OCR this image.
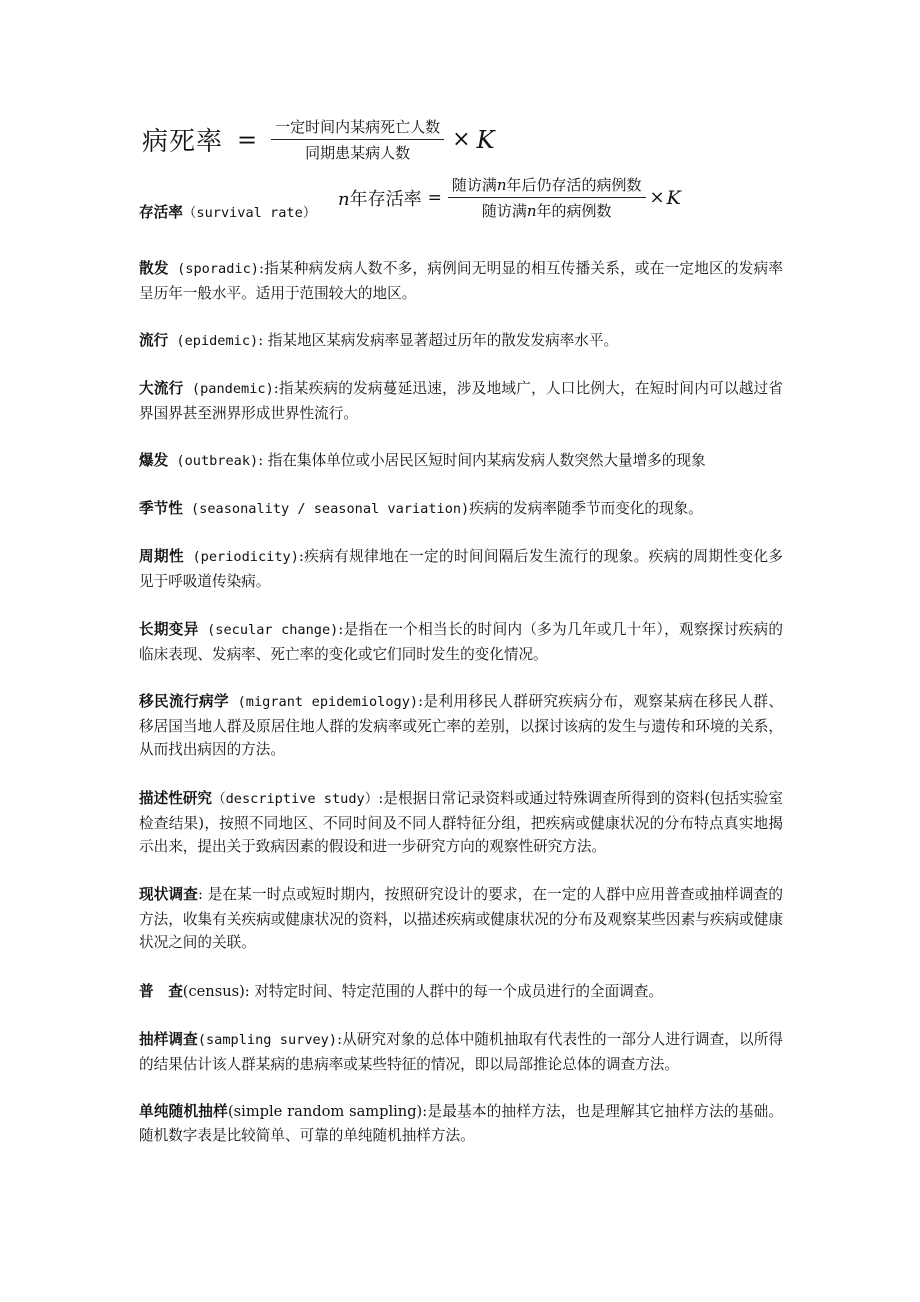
病死率 = $\frac{\text{一定时间内某病死亡人数}}{\text{同期患某病人数}} \times K$
n年存活率 = $\frac{\text{随访满n年后仍存活的病例数}}{\text{随访满n年的病例数}} \times K$

存活率（survival rate）

散发 (sporadic):指某种病发病人数不多，病例间无明显的相互传播关系，或在一定地区的发病率呈历年一般水平。适用于范围较大的地区。

流行 (epidemic): 指某地区某病发病率显著超过历年的散发发病率水平。

大流行 (pandemic):指某疾病的发病蔓延迅速，涉及地域广，人口比例大，在短时间内可以越过省界国界甚至洲界形成世界性流行。

爆发 (outbreak): 指在集体单位或小居民区短时间内某病发病人数突然大量增多的现象

季节性 (seasonality / seasonal variation)疾病的发病率随季节而变化的现象。

周期性 (periodicity):疾病有规律地在一定的时间间隔后发生流行的现象。疾病的周期性变化多见于呼吸道传染病。

长期变异 (secular change):是指在一个相当长的时间内（多为几年或几十年），观察探讨疾病的临床表现、发病率、死亡率的变化或它们同时发生的变化情况。

移民流行病学 (migrant epidemiology):是利用移民人群研究疾病分布，观察某病在移民人群、移居国当地人群及原居住地人群的发病率或死亡率的差别，以探讨该病的发生与遗传和环境的关系，从而找出病因的方法。

描述性研究（descriptive study）:是根据日常记录资料或通过特殊调查所得到的资料(包括实验室检查结果)，按照不同地区、不同时间及不同人群特征分组，把疾病或健康状况的分布特点真实地揭示出来，提出关于致病因素的假设和进一步研究方向的观察性研究方法。

现状调查: 是在某一时点或短时期内，按照研究设计的要求，在一定的人群中应用普查或抽样调查的方法，收集有关疾病或健康状况的资料，以描述疾病或健康状况的分布及观察某些因素与疾病或健康状况之间的关联。

普　查(census): 对特定时间、特定范围的人群中的每一个成员进行的全面调查。

抽样调查(sampling survey):从研究对象的总体中随机抽取有代表性的一部分人进行调查，以所得的结果估计该人群某病的患病率或某些特征的情况，即以局部推论总体的调查方法。

单纯随机抽样(simple random sampling):是最基本的抽样方法，也是理解其它抽样方法的基础。随机数字表是比较简单、可靠的单纯随机抽样方法。
